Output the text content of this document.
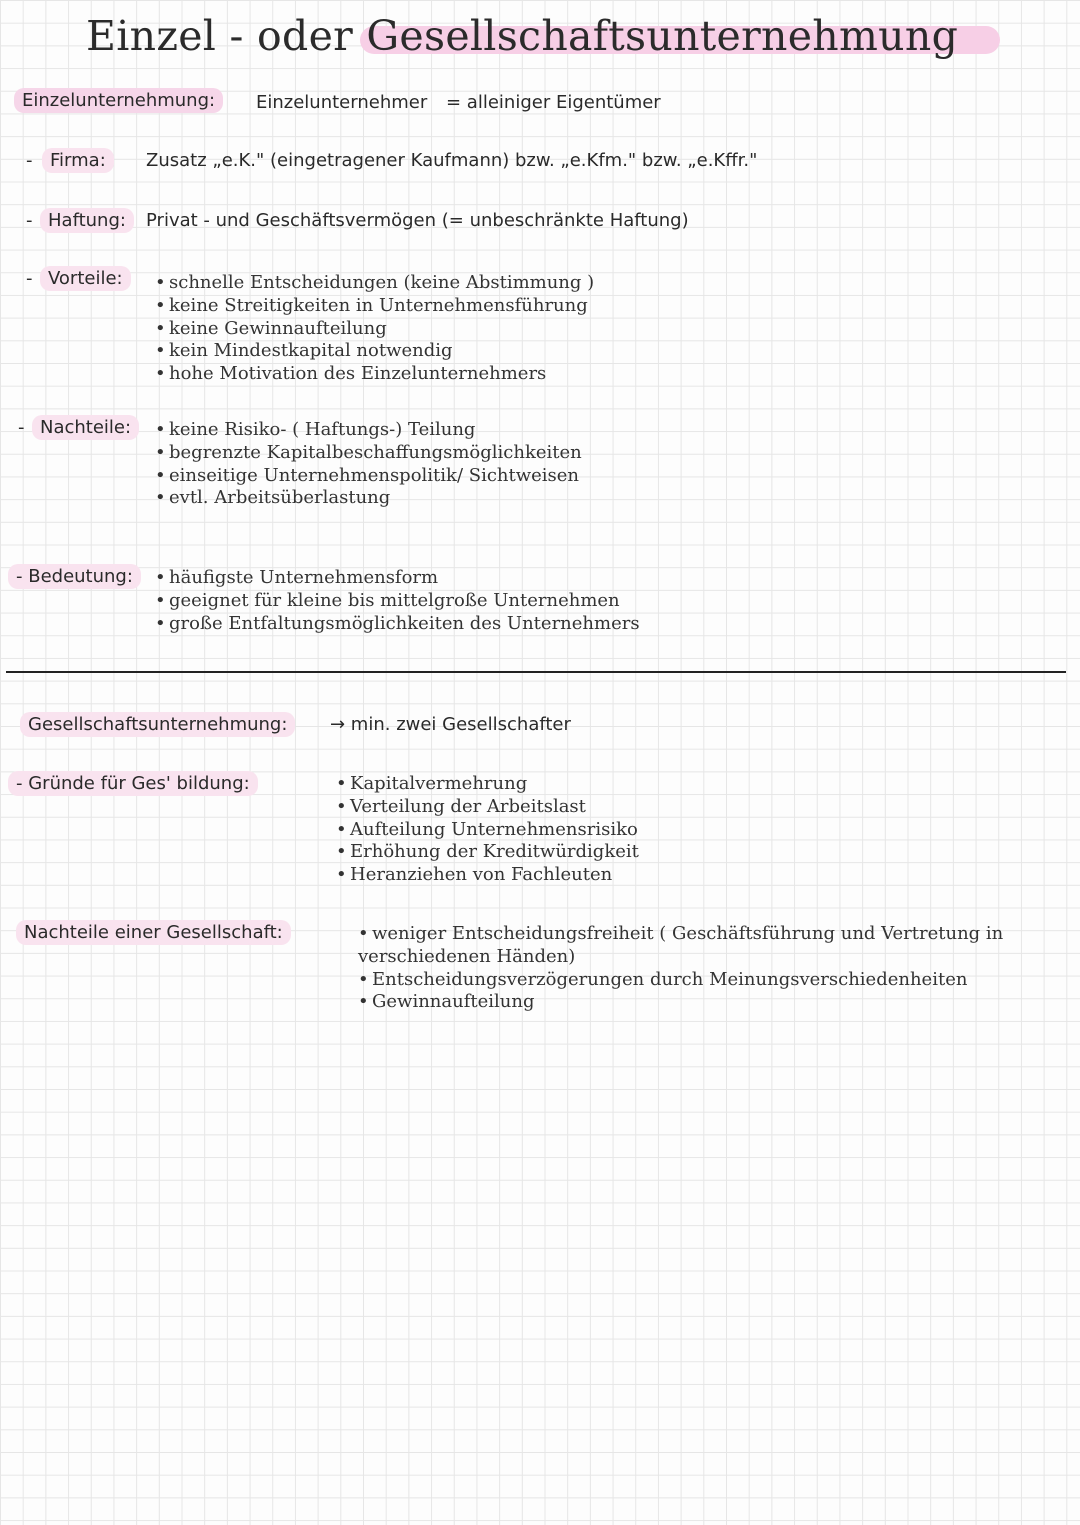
Einzel - oder Gesellschaftsunternehmung
Einzelunternehmung:	Einzelunternehmer = alleiniger Eigentümer
- Firma:	Zusatz „e.K." (eingetragener Kaufmann) bzw. „e.Kfm." bzw. „e.Kffr."
- Haftung:	Privat - und Geschäftsvermögen (= unbeschränkte Haftung)
- Vorteile:	• schnelle Entscheidungen (keine Abstimmung )
• keine Streitigkeiten in Unternehmensführung
• keine Gewinnaufteilung
• kein Mindestkapital notwendig
• hohe Motivation des Einzelunternehmers
- Nachteile:	• keine Risiko- ( Haftungs-) Teilung
• begrenzte Kapitalbeschaffungsmöglichkeiten
• einseitige Unternehmenspolitik/ Sichtweisen
• evtl. Arbeitsüberlastung
- Bedeutung:	• häufigste Unternehmensform
• geeignet für kleine bis mittelgroße Unternehmen
• große Entfaltungsmöglichkeiten des Unternehmers
Gesellschaftsunternehmung:	→ min. zwei Gesellschafter
- Gründe für Ges' bildung:	• Kapitalvermehrung
• Verteilung der Arbeitslast
• Aufteilung Unternehmensrisiko
• Erhöhung der Kreditwürdigkeit
• Heranziehen von Fachleuten
Nachteile einer Gesellschaft:	• weniger Entscheidungsfreiheit ( Geschäftsführung und Vertretung in verschiedenen Händen)
• Entscheidungsverzögerungen durch Meinungsverschiedenheiten
• Gewinnaufteilung
